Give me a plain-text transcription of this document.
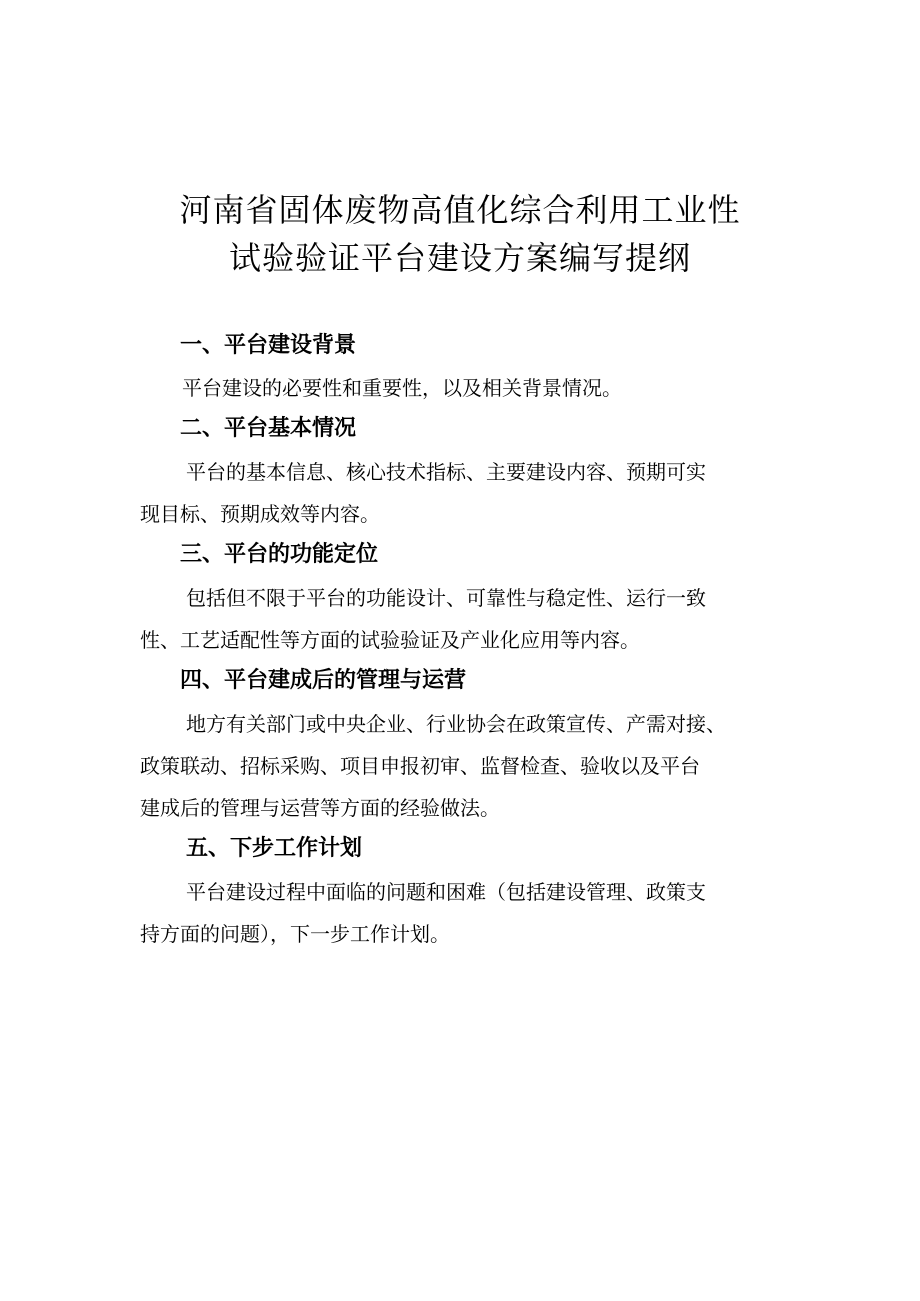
河南省固体废物高值化综合利用工业性
试验验证平台建设方案编写提纲
一、平台建设背景
平台建设的必要性和重要性，以及相关背景情况。
二、平台基本情况
平台的基本信息、核心技术指标、主要建设内容、预期可实
现目标、预期成效等内容。
三、平台的功能定位
包括但不限于平台的功能设计、可靠性与稳定性、运行一致
性、工艺适配性等方面的试验验证及产业化应用等内容。
四、平台建成后的管理与运营
地方有关部门或中央企业、行业协会在政策宣传、产需对接、
政策联动、招标采购、项目申报初审、监督检查、验收以及平台
建成后的管理与运营等方面的经验做法。
五、下步工作计划
平台建设过程中面临的问题和困难（包括建设管理、政策支
持方面的问题），下一步工作计划。
